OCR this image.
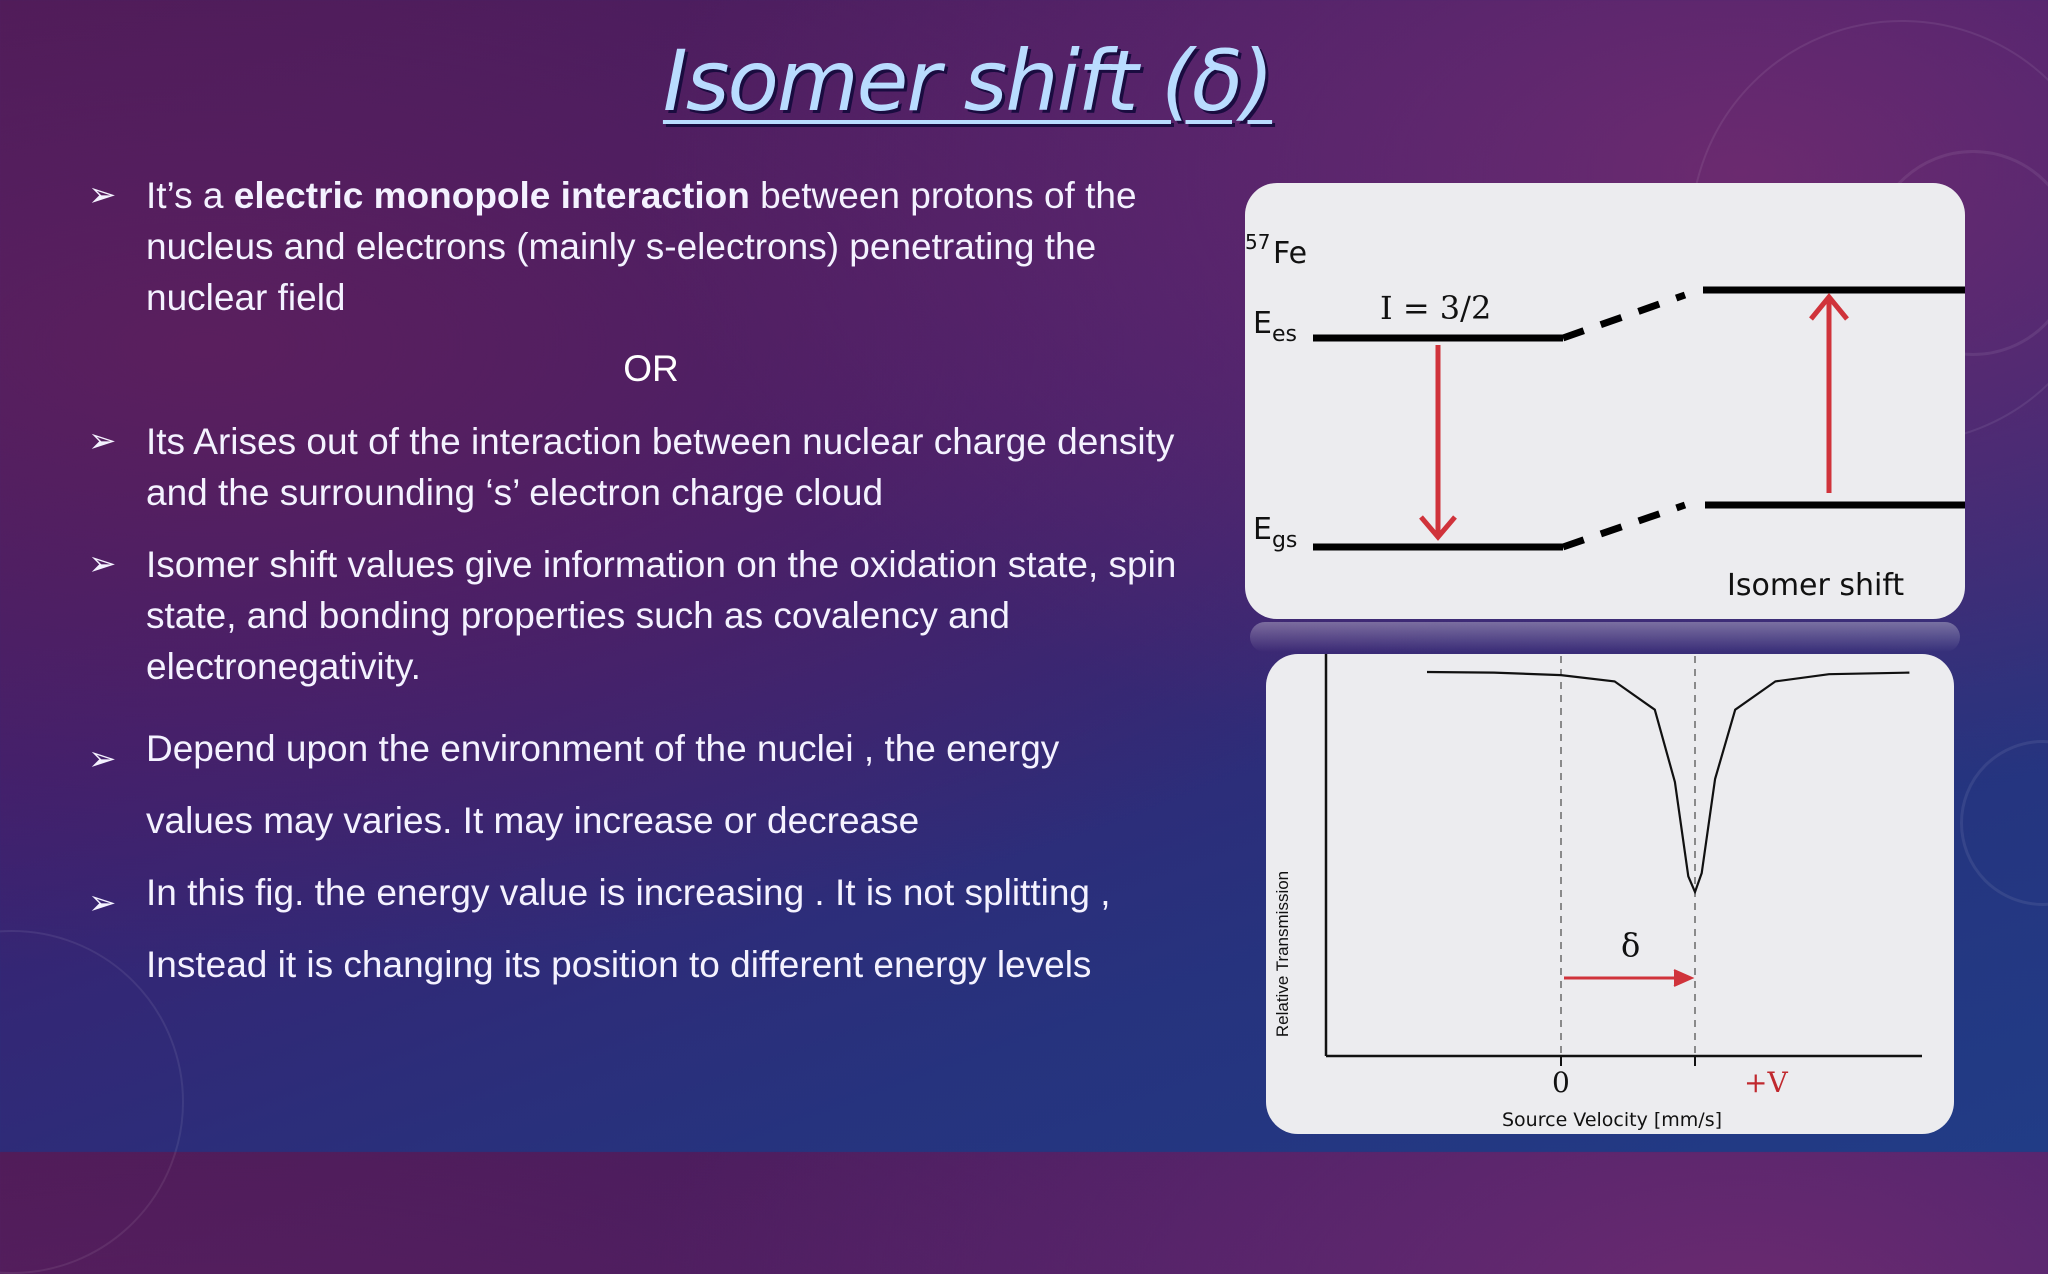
Isomer shift (δ)
➢ It’s a electric monopole interaction between protons of the nucleus and electrons (mainly s-electrons) penetrating the nuclear field
OR
➢ Its Arises out of the interaction between nuclear charge density and the surrounding ‘s’ electron charge cloud
➢ Isomer shift values give information on the oxidation state, spin state, and bonding properties such as covalency and electronegativity.
➢ Depend upon the environment of the nuclei , the energy
values may varies. It may increase or decrease
➢ In this fig. the energy value is increasing . It is not splitting ,
Instead it is changing its position to different energy levels
57 Fe
$E_{es}$
$E_{gs}$
I = 3/2
Isomer shift
δ
0	+V
Source Velocity [mm/s]
Relative Transmission
